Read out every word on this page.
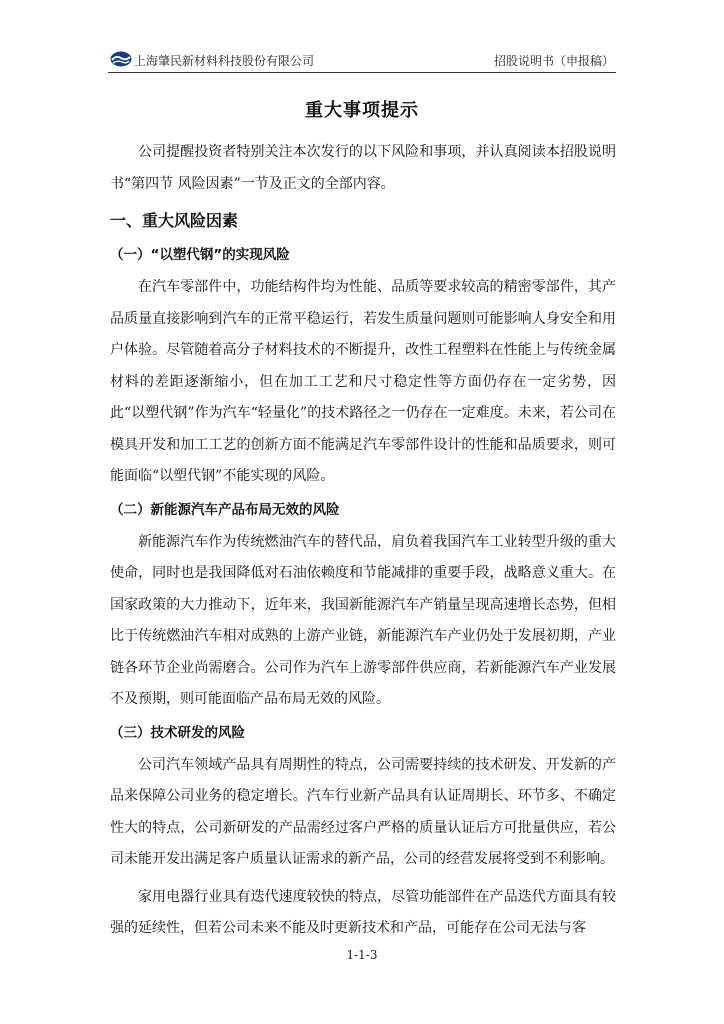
上海肇民新材料科技股份有限公司	招股说明书（申报稿）
重大事项提示

公司提醒投资者特别关注本次发行的以下风险和事项，并认真阅读本招股说明书“第四节 风险因素”一节及正文的全部内容。

一、重大风险因素
（一）“以塑代钢”的实现风险

在汽车零部件中，功能结构件均为性能、品质等要求较高的精密零部件，其产品质量直接影响到汽车的正常平稳运行，若发生质量问题则可能影响人身安全和用户体验。尽管随着高分子材料技术的不断提升，改性工程塑料在性能上与传统金属材料的差距逐渐缩小，但在加工工艺和尺寸稳定性等方面仍存在一定劣势，因此“以塑代钢”作为汽车“轻量化”的技术路径之一仍存在一定难度。未来，若公司在模具开发和加工工艺的创新方面不能满足汽车零部件设计的性能和品质要求，则可能面临“以塑代钢”不能实现的风险。

（二）新能源汽车产品布局无效的风险

新能源汽车作为传统燃油汽车的替代品，肩负着我国汽车工业转型升级的重大使命，同时也是我国降低对石油依赖度和节能减排的重要手段，战略意义重大。在国家政策的大力推动下，近年来，我国新能源汽车产销量呈现高速增长态势，但相比于传统燃油汽车相对成熟的上游产业链，新能源汽车产业仍处于发展初期，产业链各环节企业尚需磨合。公司作为汽车上游零部件供应商，若新能源汽车产业发展不及预期，则可能面临产品布局无效的风险。

（三）技术研发的风险

公司汽车领域产品具有周期性的特点，公司需要持续的技术研发、开发新的产品来保障公司业务的稳定增长。汽车行业新产品具有认证周期长、环节多、不确定性大的特点，公司新研发的产品需经过客户严格的质量认证后方可批量供应，若公司未能开发出满足客户质量认证需求的新产品，公司的经营发展将受到不利影响。

家用电器行业具有迭代速度较快的特点，尽管功能部件在产品迭代方面具有较强的延续性，但若公司未来不能及时更新技术和产品，可能存在公司无法与客

1-1-3
